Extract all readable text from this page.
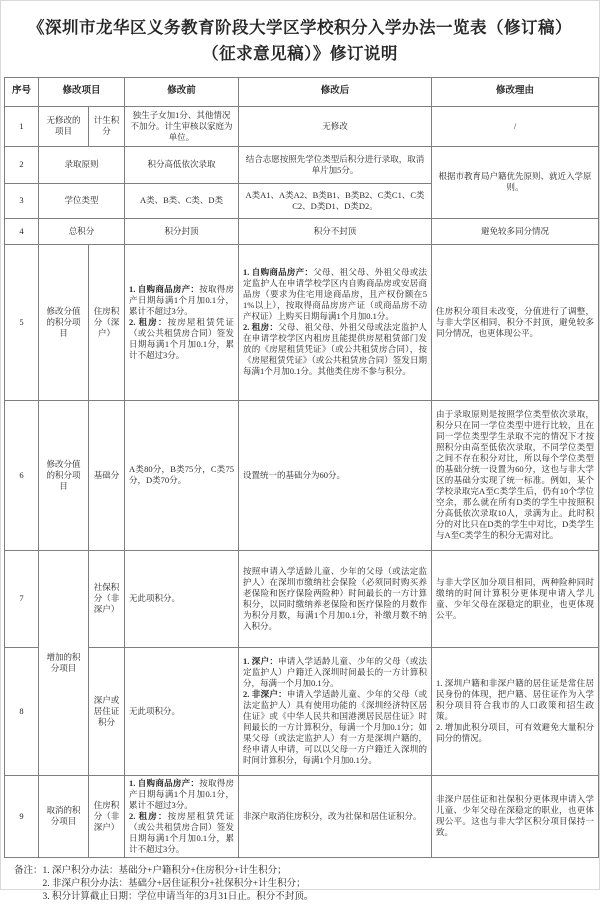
《深圳市龙华区义务教育阶段大学区学校积分入学办法一览表（修订稿）（征求意见稿）》修订说明
序号	修改项目		修改前	修改后	修改理由
1	无修改的项目	计生积分	独生子女加1分、其他情况不加分。计生审核以家庭为单位。	无修改	/
2	录取原则		积分高低依次录取	结合志愿按照先学位类型后积分进行录取，取消单片加5分。	根据市教育局户籍优先原则、就近入学原则。
3	学位类型		A类、B类、C类、D类	A类A1、A类A2、B类B1、B类B2、C类C1、C类C2、D类D1、D类D2。	
4	总积分		积分封顶	积分不封顶	避免较多同分情况
5	修改分值的积分项目	住房积分（深户）	1. 自购商品房产：按取得房产日期每满1个月加0.1分，累计不超过3分。
2. 租房：按房屋租赁凭证（或公共租赁房合同）签发日期每满1个月加0.1分，累计不超过3分。	1. 自购商品房产：父母、祖父母、外祖父母或法定监护人在申请学校学区内自购商品房或安居商品房（要求为住宅用途商品房，且产权份额在51%以上），按取得商品房房产证（或商品房不动产权证）上购买日期每满1个月加0.1分。
2. 租房：父母、祖父母、外祖父母或法定监护人在申请学校学区内租房且能提供房屋租赁部门发放的《房屋租赁凭证》（或公共租赁房合同），按《房屋租赁凭证》（或公共租赁房合同）签发日期每满1个月加0.1分。其他类住房不参与积分。	住房积分项目未改变，分值进行了调整，与非大学区相同，积分不封顶，避免较多同分情况，也更体现公平。
6	修改分值的积分项目	基础分	A类80分，B类75分，C类75分，D类70分。	设置统一的基础分为60分。	由于录取原则是按照学位类型依次录取，积分只在同一学位类型中进行比较，且在同一学位类型学生录取不完的情况下才按照积分由高至低依次录取，不同学位类型之间不存在积分对比，所以每个学位类型的基础分统一设置为60分，这也与非大学区的基础分实现了统一标准。例如，某个学校录取完A至C类学生后，仍有10个学位空余，那么就在所有D类的学生中按照积分高低依次录取10人，录满为止。此时积分的对比只在D类的学生中对比，D类学生与A至C类学生的积分无需对比。
7	增加的积分项目	社保积分（非深户）	无此项积分。	按照申请入学适龄儿童、少年的父母（或法定监护人）在深圳市缴纳社会保险（必须同时购买养老保险和医疗保险两险种）时间最长的一方计算积分，以同时缴纳养老保险和医疗保险的月数作为积分月数，每满1个月加0.1分，补缴月数不纳入积分。	与非大学区加分项目相同，两种险种同时缴纳的时间计算积分更体现申请入学儿童、少年父母在深稳定的职业，也更体现公平。
8		深户或居住证积分	无此项积分。	1. 深户：申请入学适龄儿童、少年的父母（或法定监护人）户籍迁入深圳时间最长的一方计算积分，每满一个月加0.1分。
2. 非深户：申请入学适龄儿童、少年的父母（或法定监护人）具有使用功能的《深圳经济特区居住证》或《中华人民共和国港澳居民居住证》时间最长的一方计算积分，每满一个月加0.1分；如果父母（或法定监护人）有一方是深圳户籍的，经申请人申请，可以以父母一方户籍迁入深圳的时间计算积分，每满1个月加0.1分。	1. 深圳户籍和非深户籍的居住证是常住居民身份的体现，把户籍、居住证作为入学积分项目符合我市的人口政策和招生政策。
2. 增加此积分项目，可有效避免大量积分同分的情况。
9	取消的积分项目	住房积分（非深户）	1. 自购商品房产：按取得房产日期每满1个月加0.1分，累计不超过3分。
2. 租房：按房屋租赁凭证（或公共租赁房合同）签发日期每满1个月加0.1分，累计不超过3分。	非深户取消住房积分，改为社保和居住证积分。	非深户居住证和社保积分更体现申请入学儿童、少年父母在深稳定的职业，也更体现公平。这也与非大学区积分项目保持一致。
备注： 1. 深户积分办法：基础分+户籍积分+住房积分+计生积分；
2. 非深户积分办法：基础分+居住证积分+社保积分+计生积分；
3. 积分计算截止日期：学位申请当年的3月31日止。积分不封顶。
